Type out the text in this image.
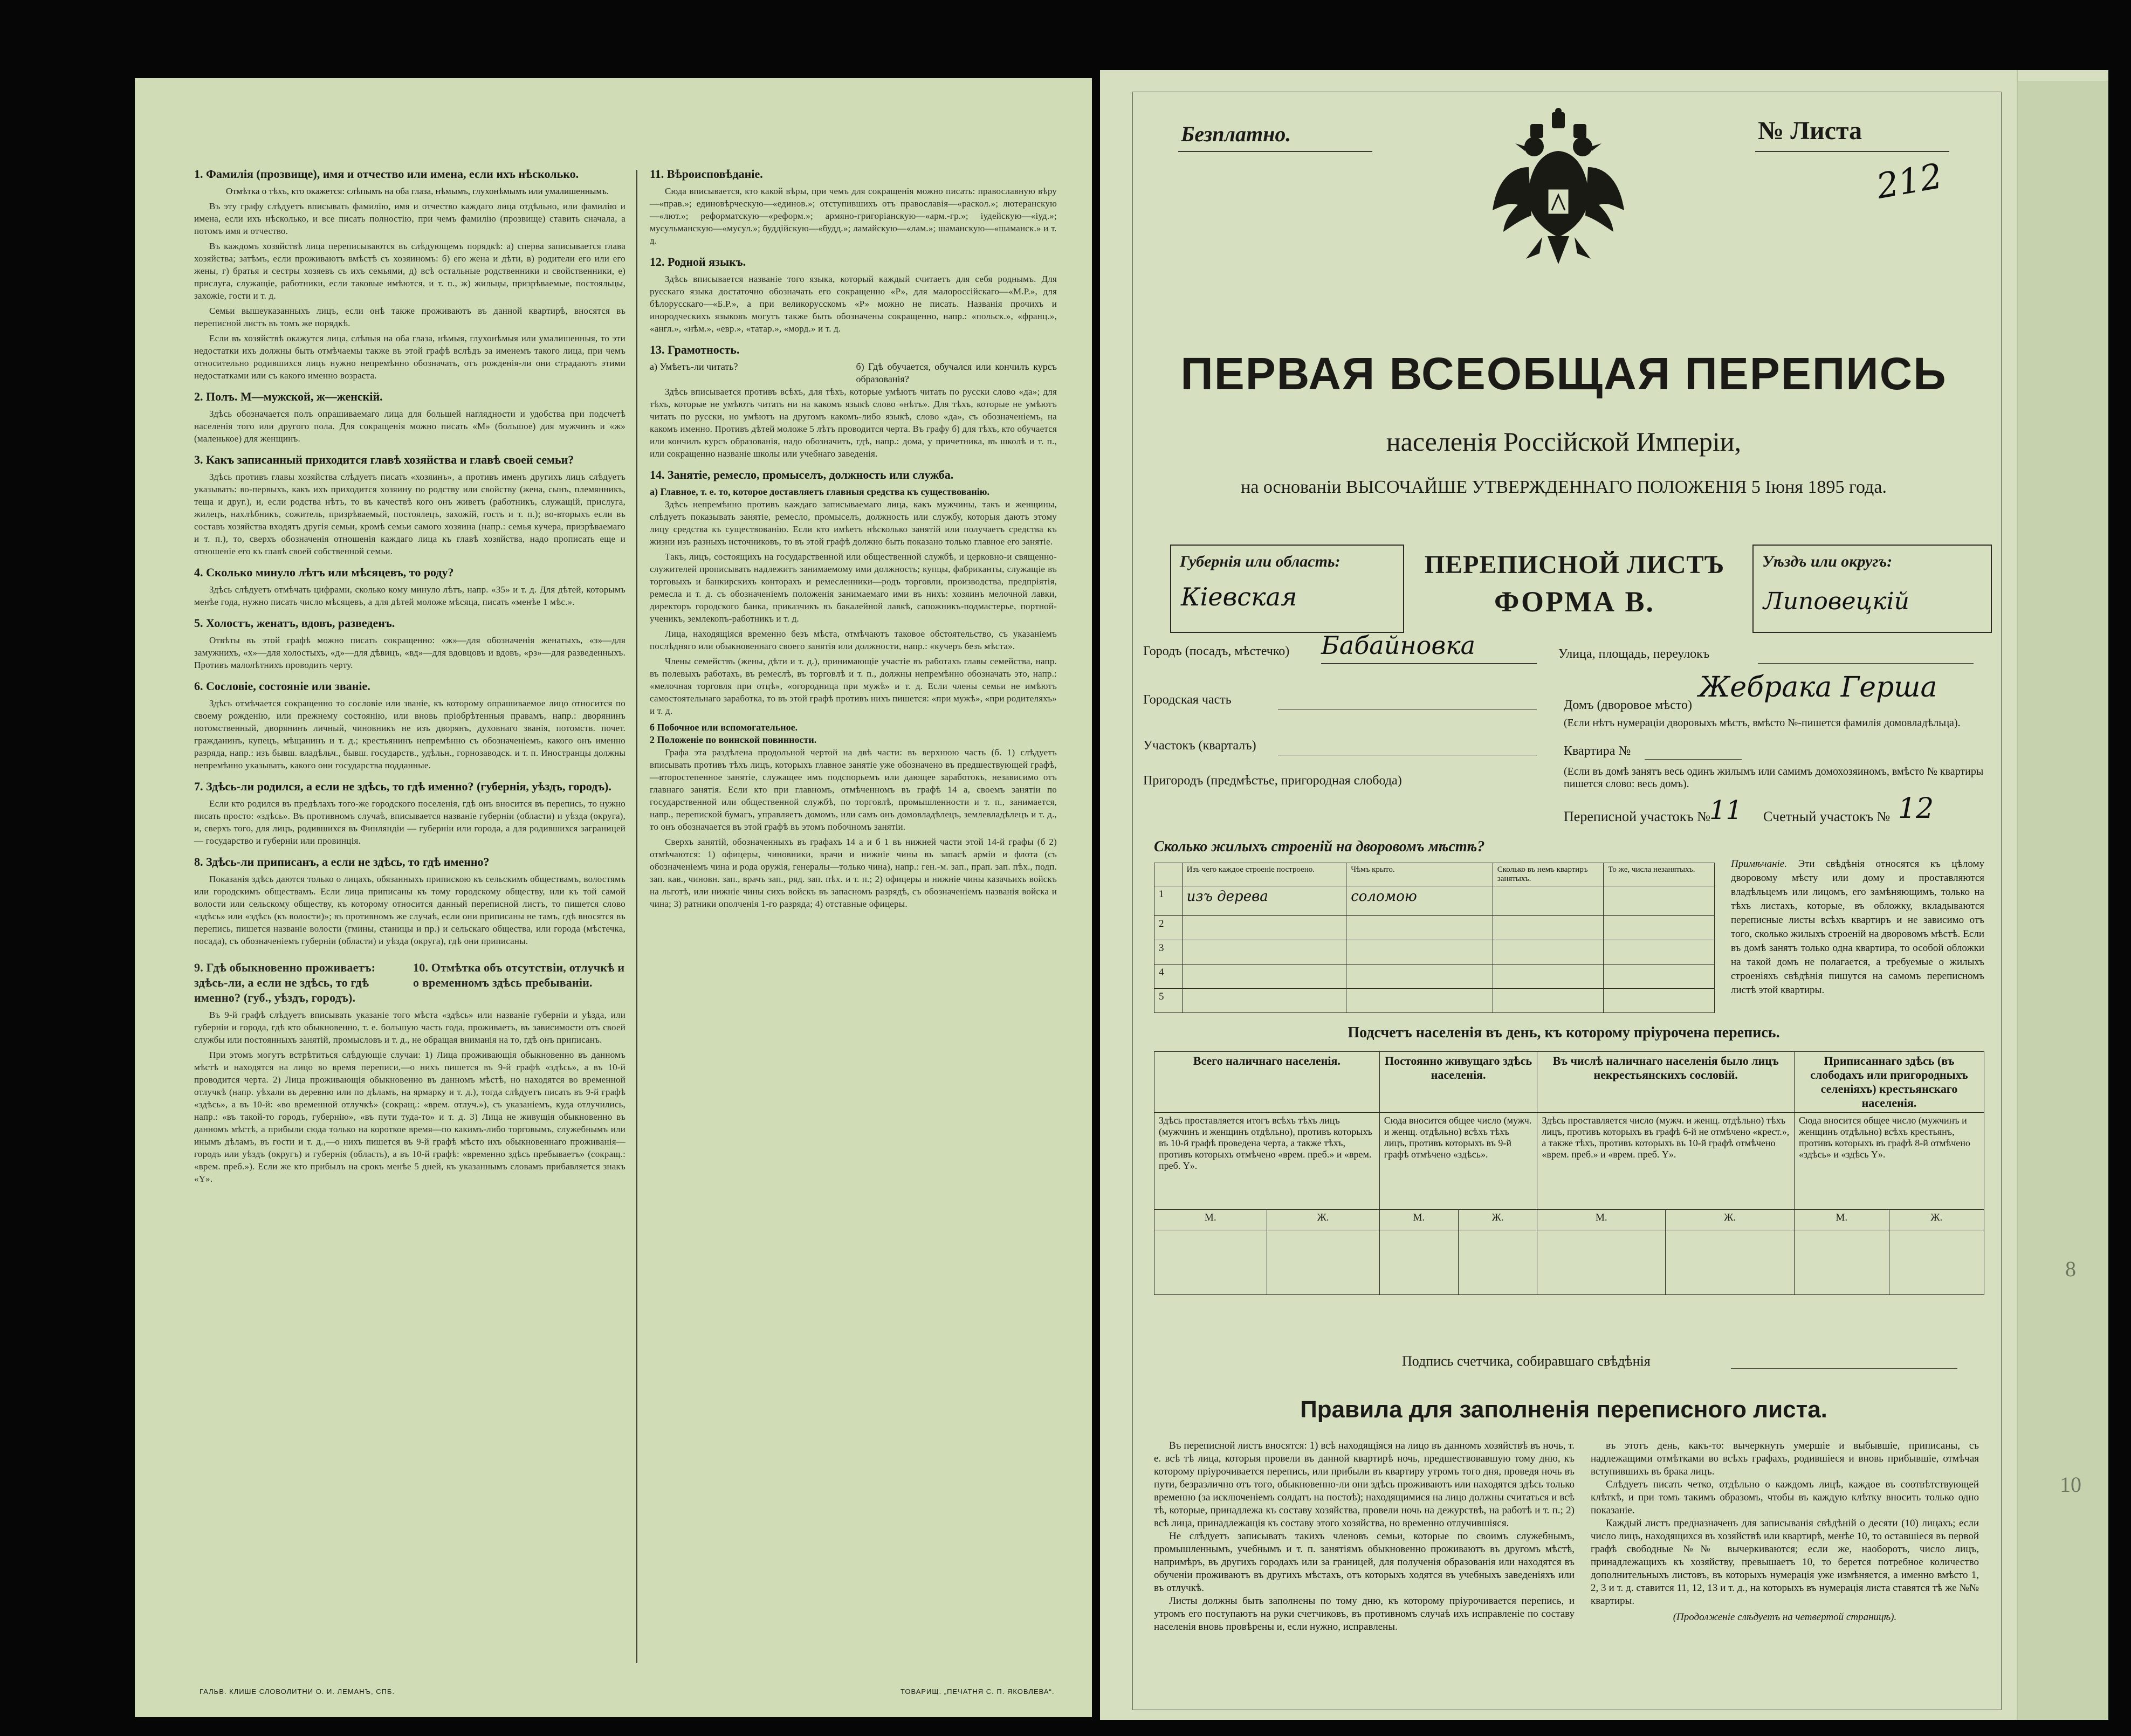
1. Фамилія (прозвище), имя и отчество или имена, если ихъ нѣсколько.

Отмѣтка о тѣхъ, кто окажется: слѣпымъ на оба глаза, нѣмымъ, глухонѣмымъ или умалишеннымъ.

Въ эту графу слѣдуетъ вписывать фамилію, имя и отчество каждаго лица отдѣльно, или фамилію и имена, если ихъ нѣсколько, и все писать полностію, при чемъ фамилію (прозвище) ставить сначала, а потомъ имя и отчество.

Въ каждомъ хозяйствѣ лица переписываются въ слѣдующемъ порядкѣ: а) сперва записывается глава хозяйства; затѣмъ, если проживаютъ вмѣстѣ съ хозяиномъ: б) его жена и дѣти, в) родители его или его жены, г) братья и сестры хозяевъ съ ихъ семьями, д) всѣ остальные родственники и свойственники, е) прислуга, служащіе, работники, если таковые имѣются, и т. п., ж) жильцы, призрѣваемые, постояльцы, захожіе, гости и т. д.

Семьи вышеуказанныхъ лицъ, если онѣ также проживаютъ въ данной квартирѣ, вносятся въ переписной листъ въ томъ же порядкѣ.

Если въ хозяйствѣ окажутся лица, слѣпыя на оба глаза, нѣмыя, глухонѣмыя или умалишенныя, то эти недостатки ихъ должны быть отмѣчаемы также въ этой графѣ вслѣдъ за именемъ такого лица, при чемъ относительно родившихся лицъ нужно непремѣнно обозначать, отъ рожденія-ли они страдаютъ этими недостатками или съ какого именно возраста.

2. Полъ. М—мужской, ж—женскій.

Здѣсь обозначается полъ опрашиваемаго лица для большей наглядности и удобства при подсчетѣ населенія того или другого пола. Для сокращенія можно писать «М» (большое) для мужчинъ и «ж» (маленькое) для женщинъ.

3. Какъ записанный приходится главѣ хозяйства и главѣ своей семьи?

Здѣсь противъ главы хозяйства слѣдуетъ писать «хозяинъ», а противъ именъ другихъ лицъ слѣдуетъ указывать: во-первыхъ, какъ ихъ приходится хозяину по родству или свойству (жена, сынъ, племянникъ, теща и друг.), и, если родства нѣтъ, то въ качествѣ кого онъ живетъ (работникъ, служащій, прислуга, жилецъ, нахлѣбникъ, сожитель, призрѣваемый, постоялецъ, захожій, гость и т. п.); во-вторыхъ если въ составъ хозяйства входятъ другія семьи, кромѣ семьи самого хозяина (напр.: семья кучера, призрѣваемаго и т. п.), то, сверхъ обозначенія отношенія каждаго лица къ главѣ хозяйства, надо прописать еще и отношеніе его къ главѣ своей собственной семьи.

4. Сколько минуло лѣтъ или мѣсяцевъ, то роду?

Здѣсь слѣдуетъ отмѣчать цифрами, сколько кому минуло лѣтъ, напр. «35» и т. д. Для дѣтей, которымъ менѣе года, нужно писать число мѣсяцевъ, а для дѣтей моложе мѣсяца, писать «менѣе 1 мѣс.».

5. Холостъ, женатъ, вдовъ, разведенъ.

Отвѣты въ этой графѣ можно писать сокращенно: «ж»—для обозначенія женатыхъ, «з»—для замужнихъ, «х»—для холостыхъ, «д»—для дѣвицъ, «вд»—для вдовцовъ и вдовъ, «рз»—для разведенныхъ. Противъ малолѣтнихъ проводить черту.

6. Сословіе, состояніе или званіе.

Здѣсь отмѣчается сокращенно то сословіе или званіе, къ которому опрашиваемое лицо относится по своему рожденію, или прежнему состоянію, или вновь пріобрѣтенныя правамъ, напр.: дворянинъ потомственный, дворянинъ личный, чиновникъ не изъ дворянъ, духовнаго званія, потомств. почет. гражданинъ, купецъ, мѣщанинъ и т. д.; крестьянинъ непремѣнно съ обозначеніемъ, какого онъ именно разряда, напр.: изъ бывш. владѣльч., бывш. государств., удѣльн., горнозаводск. и т. п. Иностранцы должны непремѣнно указывать, какого они государства подданные.

7. Здѣсь-ли родился, а если не здѣсь, то гдѣ именно? (губернія, уѣздъ, городъ).

Если кто родился въ предѣлахъ того-же городского поселенія, гдѣ онъ вносится въ перепись, то нужно писать просто: «здѣсь». Въ противномъ случаѣ, вписывается названіе губерніи (области) и уѣзда (округа), и, сверхъ того, для лицъ, родившихся въ Финляндіи — губерніи или города, а для родившихся заграницей — государство и губерніи или провинція.

8. Здѣсь-ли приписанъ, а если не здѣсь, то гдѣ именно?

Показанія здѣсь даются только о лицахъ, обязанныхъ припискою къ сельскимъ обществамъ, волостямъ или городскимъ обществамъ. Если лица приписаны къ тому городскому обществу, или къ той самой волости или сельскому обществу, къ которому относится данный переписной листъ, то пишется слово «здѣсь» или «здѣсь (къ волости)»; въ противномъ же случаѣ, если они приписаны не тамъ, гдѣ вносятся въ перепись, пишется названіе волости (гмины, станицы и пр.) и сельскаго общества, или города (мѣстечка, посада), съ обозначеніемъ губерніи (области) и уѣзда (округа), гдѣ они приписаны.

9. Гдѣ обыкновенно проживаетъ: здѣсь-ли, а если не здѣсь, то гдѣ именно? (губ., уѣздъ, городъ).
10. Отмѣтка объ отсутствіи, отлучкѣ и о временномъ здѣсь пребываніи.

Въ 9-й графѣ слѣдуетъ вписывать указаніе того мѣста «здѣсь» или названіе губерніи и уѣзда, или губерніи и города, гдѣ кто обыкновенно, т. е. большую часть года, проживаетъ, въ зависимости отъ своей службы или постоянныхъ занятій, промысловъ и т. д., не обращая вниманія на то, гдѣ онъ приписанъ.

При этомъ могутъ встрѣтиться слѣдующіе случаи: 1) Лица проживающія обыкновенно въ данномъ мѣстѣ и находятся на лицо во время переписи,—о нихъ пишется въ 9-й графѣ «здѣсь», а въ 10-й проводится черта. 2) Лица проживающія обыкновенно въ данномъ мѣстѣ, но находятся во временной отлучкѣ (напр. уѣхали въ деревню или по дѣламъ, на ярмарку и т. д.), тогда слѣдуетъ писать въ 9-й графѣ «здѣсь», а въ 10-й: «во временной отлучкѣ» (сокращ.: «врем. отлуч.»), съ указаніемъ, куда отлучились, напр.: «въ такой-то городъ, губернію», «въ пути туда-то» и т. д. 3) Лица не живущія обыкновенно въ данномъ мѣстѣ, а прибыли сюда только на короткое время—по какимъ-либо торговымъ, служебнымъ или инымъ дѣламъ, въ гости и т. д.,—о нихъ пишется въ 9-й графѣ мѣсто ихъ обыкновеннаго проживанія—городъ или уѣздъ (округъ) и губернія (область), а въ 10-й графѣ: «временно здѣсь пребываетъ» (сокращ.: «врем. преб.»). Если же кто прибылъ на срокъ менѣе 5 дней, къ указаннымъ словамъ прибавляется знакъ «Y».

11. Вѣроисповѣданіе.

Сюда вписывается, кто какой вѣры, при чемъ для сокращенія можно писать: православную вѣру—«прав.»; единовѣрческую—«единов.»; отступившихъ отъ православія—«раскол.»; лютеранскую—«лют.»; реформатскую—«реформ.»; армяно-григоріанскую—«арм.-гр.»; іудейскую—«іуд.»; мусульманскую—«мусул.»; буддійскую—«будд.»; ламайскую—«лам.»; шаманскую—«шаманск.» и т. д.

12. Родной языкъ.

Здѣсь вписывается названіе того языка, который каждый считаетъ для себя роднымъ. Для русскаго языка достаточно обозначать его сокращенно «Р», для малороссійскаго—«М.Р.», для бѣлорусскаго—«Б.Р.», а при великорусскомъ «Р» можно не писать. Названія прочихъ и инородческихъ языковъ могутъ также быть обозначены сокращенно, напр.: «польск.», «франц.», «англ.», «нѣм.», «евр.», «татар.», «морд.» и т. д.

13. Грамотность.
а) Умѣетъ-ли читать?	б) Гдѣ обучается, обучался или кончилъ курсъ образованія?

Здѣсь вписывается противъ всѣхъ, для тѣхъ, которые умѣютъ читать по русски слово «да»; для тѣхъ, которые не умѣютъ читать ни на какомъ языкѣ слово «нѣтъ». Для тѣхъ, которые не умѣютъ читать по русски, но умѣютъ на другомъ какомъ-либо языкѣ, слово «да», съ обозначеніемъ, на какомъ именно. Противъ дѣтей моложе 5 лѣтъ проводится черта. Въ графу б) для тѣхъ, кто обучается или кончилъ курсъ образованія, надо обозначить, гдѣ, напр.: дома, у причетника, въ школѣ и т. п., или сокращенно названіе школы или учебнаго заведенія.

14. Занятіе, ремесло, промыселъ, должность или служба.
а) Главное, т. е. то, которое доставляетъ главныя средства къ существованію.

Здѣсь непремѣнно противъ каждаго записываемаго лица, какъ мужчины, такъ и женщины, слѣдуетъ показывать занятіе, ремесло, промыселъ, должность или службу, которыя даютъ этому лицу средства къ существованію. Если кто имѣетъ нѣсколько занятій или получаетъ средства къ жизни изъ разныхъ источниковъ, то въ этой графѣ должно быть показано только главное его занятіе.

Такъ, лицъ, состоящихъ на государственной или общественной службѣ, и церковно-и священно-служителей прописывать надлежитъ занимаемому ими должность; купцы, фабриканты, служащіе въ торговыхъ и банкирскихъ конторахъ и ремесленники—родъ торговли, производства, предпріятія, ремесла и т. д. съ обозначеніемъ положенія занимаемаго ими въ нихъ: хозяинъ мелочной лавки, директоръ городского банка, приказчикъ въ бакалейной лавкѣ, сапожникъ-подмастерье, портной-ученикъ, землекопъ-работникъ и т. д.

Лица, находящіяся временно безъ мѣста, отмѣчаютъ таковое обстоятельство, съ указаніемъ послѣдняго или обыкновеннаго своего занятія или должности, напр.: «кучеръ безъ мѣста».

Члены семействъ (жены, дѣти и т. д.), принимающіе участіе въ работахъ главы семейства, напр. въ полевыхъ работахъ, въ ремеслѣ, въ торговлѣ и т. п., должны непремѣнно обозначать это, напр.: «мелочная торговля при отцѣ», «огородница при мужѣ» и т. д. Если члены семьи не имѣютъ самостоятельнаго заработка, то въ этой графѣ противъ нихъ пишется: «при мужѣ», «при родителяхъ» и т. д.

б Побочное или вспомогательное.
2 Положеніе по воинской повинности.

Графа эта раздѣлена продольной чертой на двѣ части: въ верхнюю часть (б. 1) слѣдуетъ вписывать противъ тѣхъ лицъ, которыхъ главное занятіе уже обозначено въ предшествующей графѣ,—второстепенное занятіе, служащее имъ подспорьемъ или дающее заработокъ, независимо отъ главнаго занятія. Если кто при главномъ, отмѣченномъ въ графѣ 14 а, своемъ занятіи по государственной или общественной службѣ, по торговлѣ, промышленности и т. п., занимается, напр., перепиской бумагъ, управляетъ домомъ, или самъ онъ домовладѣлецъ, землевладѣлецъ и т. д., то онъ обозначается въ этой графѣ въ этомъ побочномъ занятіи.

Сверхъ занятій, обозначенныхъ въ графахъ 14 а и б 1 въ нижней части этой 14-й графы (б 2) отмѣчаются: 1) офицеры, чиновники, врачи и нижніе чины въ запасѣ арміи и флота (съ обозначеніемъ чина и рода оружія, генералы—только чина), напр.: ген.-м. зап., прап. зап. пѣх., подп. зап. кав., чиновн. зап., врачъ зап., ряд. зап. пѣх. и т. п.; 2) офицеры и нижніе чины казачьихъ войскъ на льготѣ, или нижніе чины сихъ войскъ въ запасномъ разрядѣ, съ обозначеніемъ названія войска и чина; 3) ратники ополченія 1-го разряда; 4) отставные офицеры.

ГАЛЬВ. КЛИШЕ СЛОВОЛИТНИ О. И. ЛЕМАНЪ, СПБ.	ТОВАРИЩ. „ПЕЧАТНЯ С. П. ЯКОВЛЕВА“.
Безплатно.	№ Листа
212
ПЕРВАЯ ВСЕОБЩАЯ ПЕРЕПИСЬ
населенія Россійской Имперіи,
на основаніи ВЫСОЧАЙШЕ УТВЕРЖДЕННАГО ПОЛОЖЕНІЯ 5 Іюня 1895 года.
Губернія или область:
Кіевская
ПЕРЕПИСНОЙ ЛИСТЪ
ФОРМА В.
Уѣздъ или округъ:
Липовецкій
Городъ (посадъ, мѣстечко)	Бабайновка	Улица, площадь, переулокъ
Городская часть	Домъ (дворовое мѣсто)
Жебрака Герша
(Если нѣтъ нумераціи дворовыхъ мѣстъ, вмѣсто №-пишется фамилія домовладѣльца).
Участокъ (кварталъ)	Квартира №
Пригородъ (предмѣстье, пригородная слобода)
(Если въ домѣ занятъ весь одинъ жилымъ или самимъ домохозяиномъ, вмѣсто № квартиры пишется слово: весь домъ).
Переписной участокъ №
11 Счетный участокъ № 12
Сколько жилыхъ строеній на дворовомъ мѣстѣ?
	Изъ чего каждое строеніе построено.	Чѣмъ крыто.	Сколько въ немъ квартиръ занятыхъ.	То же, числа незанятыхъ.
1	изъ дерева	соломою		
2				
3				
4				
5				
Примѣчаніе. Эти свѣдѣнія относятся къ цѣлому дворовому мѣсту или дому и проставляются владѣльцемъ или лицомъ, его замѣняющимъ, только на тѣхъ листахъ, которые, въ обложку, вкладываются переписные листы всѣхъ квартиръ и не зависимо отъ того, сколько жилыхъ строеній на дворовомъ мѣстѣ. Если въ домѣ занятъ только одна квартира, то особой обложки на такой домъ не полагается, а требуемые о жилыхъ строеніяхъ свѣдѣнія пишутся на самомъ переписномъ листѣ этой квартиры.
Подсчетъ населенія въ день, къ которому пріурочена перепись.
Всего наличнаго населенія.		Постоянно живущаго здѣсь населенія.		Въ числѣ наличнаго населенія было лицъ некрестьянскихъ сословій.		Приписаннаго здѣсь (въ слободахъ или пригородныхъ селеніяхъ) крестьянскаго населенія.	
Здѣсь проставляется итогъ всѣхъ тѣхъ лицъ (мужчинъ и женщинъ отдѣльно), противъ которыхъ въ 10-й графѣ проведена черта, а также тѣхъ, противъ которыхъ отмѣчено «врем. преб.» и «врем. преб. Y».		Сюда вносится общее число (мужч. и женщ. отдѣльно) всѣхъ тѣхъ лицъ, противъ которыхъ въ 9-й графѣ отмѣчено «здѣсь».		Здѣсь проставляется число (мужч. и женщ. отдѣльно) тѣхъ лицъ, противъ которыхъ въ графѣ 6-й не отмѣчено «крест.», а также тѣхъ, противъ которыхъ въ 10-й графѣ отмѣчено «врем. преб.» и «врем. преб. Y».		Сюда вносится общее число (мужчинъ и женщинъ отдѣльно) всѣхъ крестьянъ, противъ которыхъ въ графѣ 8-й отмѣчено «здѣсь» и «здѣсь Y».	
М.	Ж.	М.	Ж.	М.	Ж.	М.	Ж.

Подпись счетчика, собиравшаго свѣдѣнія
Правила для заполненія переписного листа.

Въ переписной листъ вносятся: 1) всѣ находящіяся на лицо въ данномъ хозяйствѣ въ ночь, т. е. всѣ тѣ лица, которыя провели въ данной квартирѣ ночь, предшествовавшую тому дню, къ которому пріурочивается перепись, или прибыли въ квартиру утромъ того дня, проведя ночь въ пути, безразлично отъ того, обыкновенно-ли они здѣсь проживаютъ или находятся здѣсь только временно (за исключеніемъ солдатъ на постоѣ); находящимися на лицо должны считаться и всѣ тѣ, которые, принадлежа къ составу хозяйства, провели ночь на дежурствѣ, на работѣ и т. п.; 2) всѣ лица, принадлежащія къ составу этого хозяйства, но временно отлучившіяся.

Не слѣдуетъ записывать такихъ членовъ семьи, которые по своимъ служебнымъ, промышленнымъ, учебнымъ и т. п. занятіямъ обыкновенно проживаютъ въ другомъ мѣстѣ, напримѣръ, въ другихъ городахъ или за границей, для полученія образованія или находятся въ обученіи проживаютъ въ другихъ мѣстахъ, отъ которыхъ ходятся въ учебныхъ заведеніяхъ или въ отлучкѣ.

Листы должны быть заполнены по тому дню, къ которому пріурочивается перепись, и утромъ его поступаютъ на руки счетчиковъ, въ противномъ случаѣ ихъ исправленіе по составу населенія вновь провѣрены и, если нужно, исправлены.

въ этотъ день, какъ-то: вычеркнуть умершіе и выбывшіе, приписаны, съ надлежащими отмѣтками во всѣхъ графахъ, родившіеся и вновь прибывшіе, отмѣчая вступившихъ въ брака лицъ.

Слѣдуетъ писать четко, отдѣльно о каждомъ лицѣ, каждое въ соотвѣтствующей клѣткѣ, и при томъ такимъ образомъ, чтобы въ каждую клѣтку вносить только одно показаніе.

Каждый листъ предназначенъ для записыванія свѣдѣній о десяти (10) лицахъ; если число лицъ, находящихся въ хозяйствѣ или квартирѣ, менѣе 10, то оставшіеся въ первой графѣ свободные №№ вычеркиваются; если же, наоборотъ, число лицъ, принадлежащихъ къ хозяйству, превышаетъ 10, то берется потребное количество дополнительныхъ листовъ, въ которыхъ нумерація уже измѣняется, а именно вмѣсто 1, 2, 3 и т. д. ставится 11, 12, 13 и т. д., на которыхъ въ нумерація листа ставятся тѣ же №№ квартиры.

(Продолженіе слѣдуетъ на четвертой страницѣ).

8
10
